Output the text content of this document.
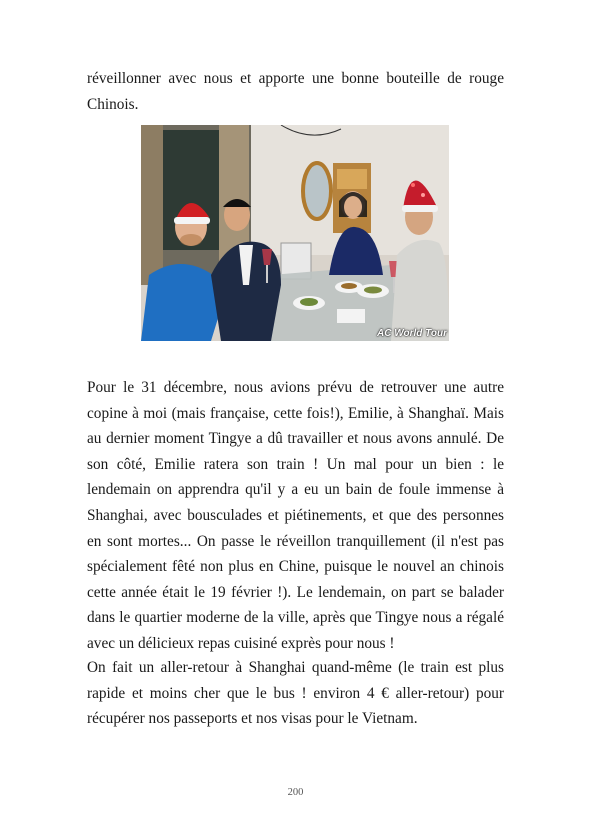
réveillonner avec nous et apporte une bonne bouteille de rouge Chinois.

AC World Tour

Pour le 31 décembre, nous avions prévu de retrouver une autre copine à moi (mais française, cette fois!), Emilie, à Shanghaï. Mais au dernier moment Tingye a dû travailler et nous avons annulé. De son côté, Emilie ratera son train ! Un mal pour un bien : le lendemain on apprendra qu'il y a eu un bain de foule immense à Shanghai, avec bousculades et piétinements, et que des personnes en sont mortes... On passe le réveillon tranquillement (il n'est pas spécialement fêté non plus en Chine, puisque le nouvel an chinois cette année était le 19 février !). Le lendemain, on part se balader dans le quartier moderne de la ville, après que Tingye nous a régalé avec un délicieux repas cuisiné exprès pour nous !

On fait un aller-retour à Shanghai quand-même (le train est plus rapide et moins cher que le bus ! environ 4 € aller-retour) pour récupérer nos passeports et nos visas pour le Vietnam.

200
